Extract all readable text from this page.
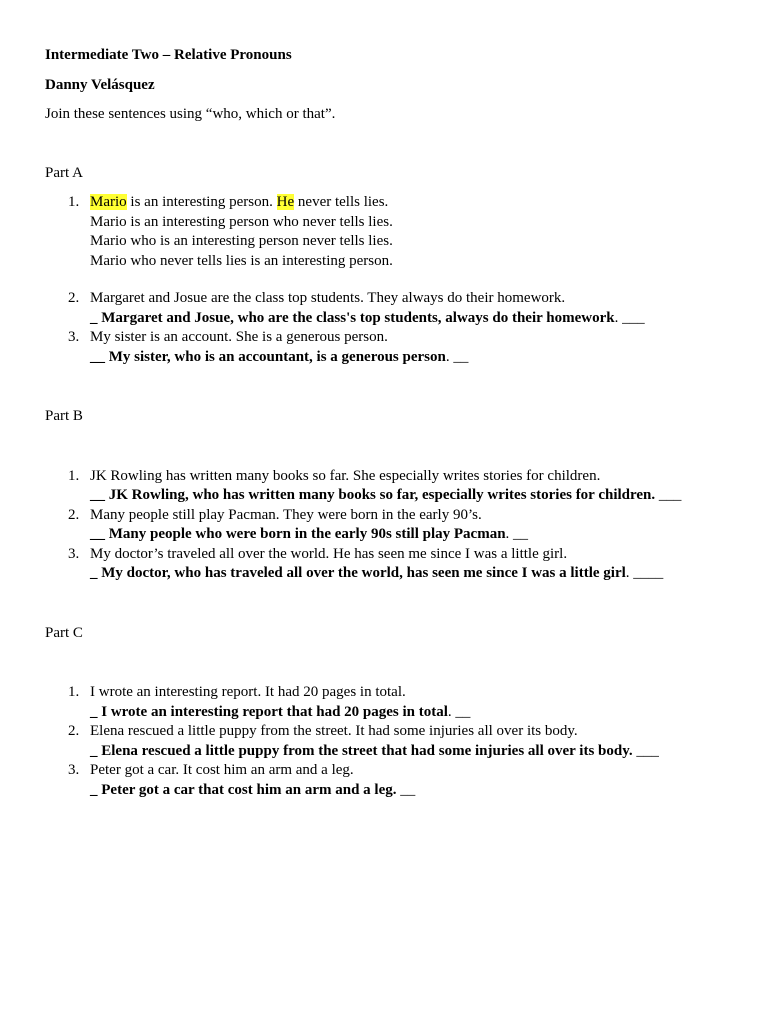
Intermediate Two – Relative Pronouns
Danny Velásquez
Join these sentences using “who, which or that”.
Part A
1. Mario is an interesting person. He never tells lies.
Mario is an interesting person who never tells lies.
Mario who is an interesting person never tells lies.
Mario who never tells lies is an interesting person.
2. Margaret and Josue are the class top students. They always do their homework.
_ Margaret and Josue, who are the class's top students, always do their homework. ___
3. My sister is an account. She is a generous person.
__ My sister, who is an accountant, is a generous person. __
Part B
1. JK Rowling has written many books so far. She especially writes stories for children.
__ JK Rowling, who has written many books so far, especially writes stories for children. ___
2. Many people still play Pacman. They were born in the early 90’s.
__ Many people who were born in the early 90s still play Pacman. __
3. My doctor’s traveled all over the world. He has seen me since I was a little girl.
_ My doctor, who has traveled all over the world, has seen me since I was a little girl. ____
Part C
1. I wrote an interesting report. It had 20 pages in total.
_ I wrote an interesting report that had 20 pages in total. __
2. Elena rescued a little puppy from the street. It had some injuries all over its body.
_ Elena rescued a little puppy from the street that had some injuries all over its body. ___
3. Peter got a car. It cost him an arm and a leg.
_ Peter got a car that cost him an arm and a leg. __
